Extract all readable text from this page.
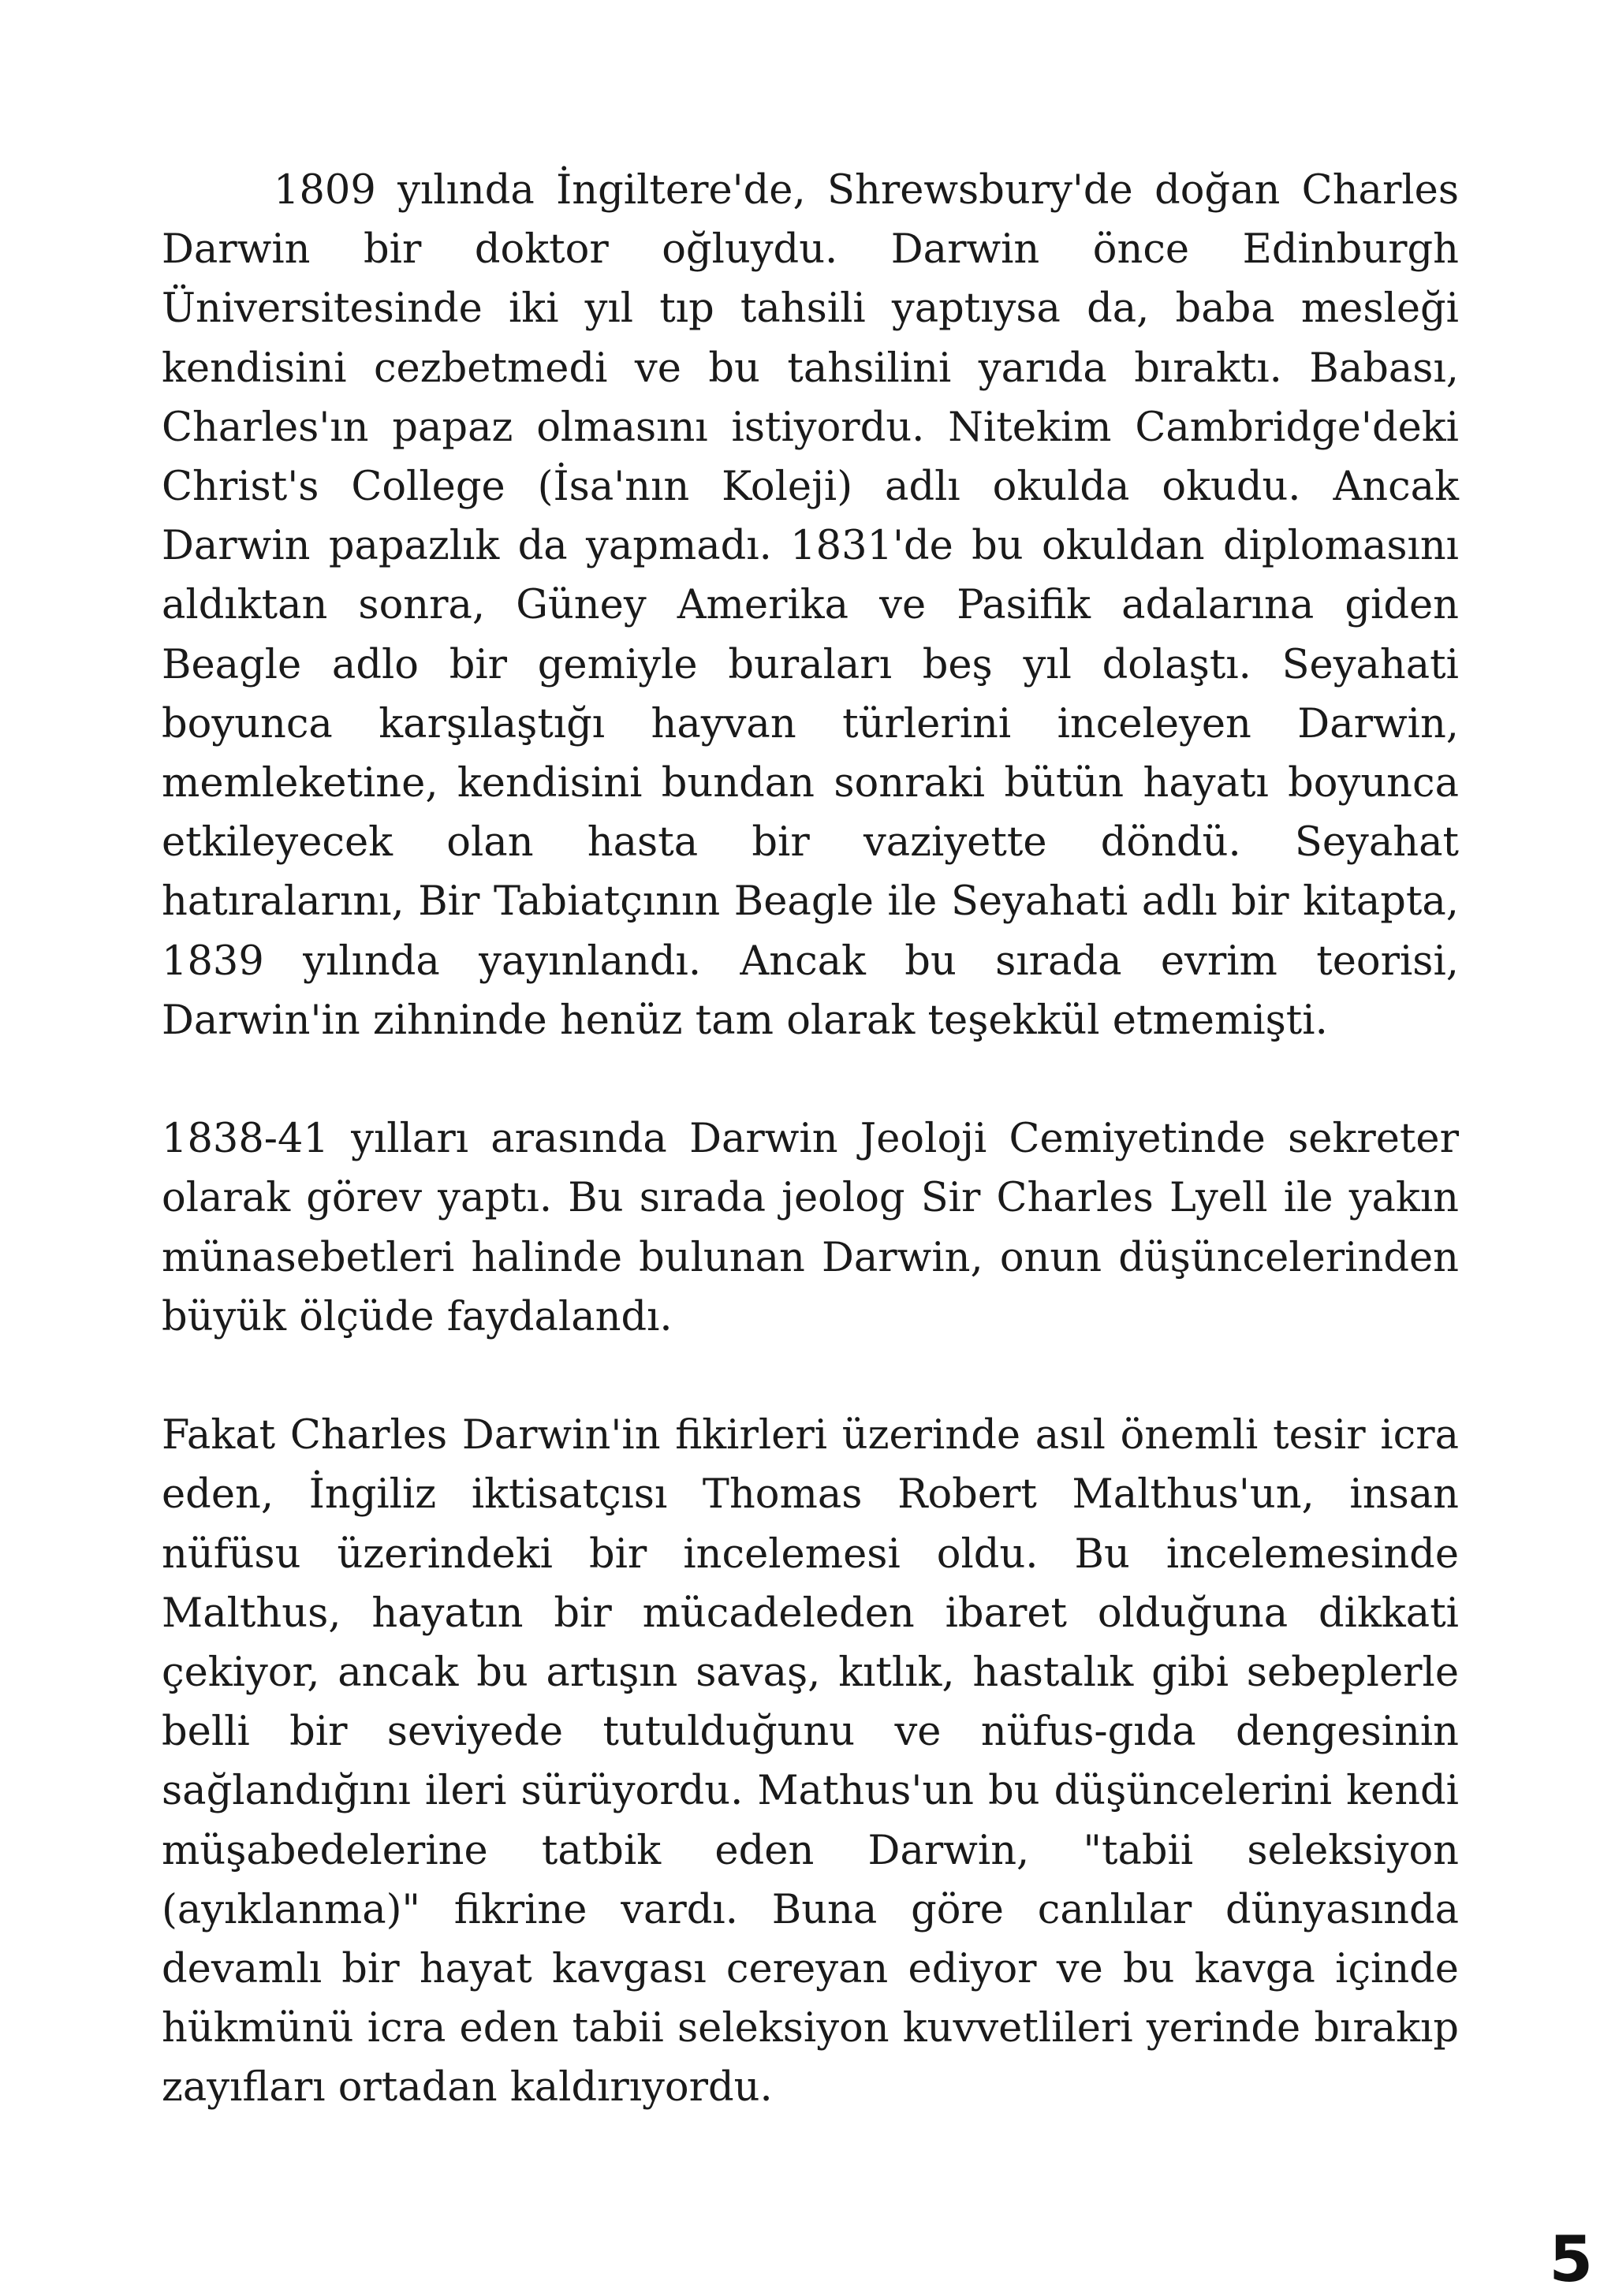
1809 yılında İngiltere'de, Shrewsbury'de doğan Charles Darwin bir doktor oğluydu. Darwin önce Edinburgh Üniversitesinde iki yıl tıp tahsili yaptıysa da, baba mesleği kendisini cezbetmedi ve bu tahsilini yarıda bıraktı. Babası, Charles'ın papaz olmasını istiyordu. Nitekim Cambridge'deki Christ's College (İsa'nın Koleji) adlı okulda okudu. Ancak Darwin papazlık da yapmadı. 1831'de bu okuldan diplomasını aldıktan sonra, Güney Amerika ve Pasifik adalarına giden Beagle adlo bir gemiyle buraları beş yıl dolaştı. Seyahati boyunca karşılaştığı hayvan türlerini inceleyen Darwin, memleketine, kendisini bundan sonraki bütün hayatı boyunca etkileyecek olan hasta bir vaziyette döndü. Seyahat hatıralarını, Bir Tabiatçının Beagle ile Seyahati adlı bir kitapta, 1839 yılında yayınlandı. Ancak bu sırada evrim teorisi, Darwin'in zihninde henüz tam olarak teşekkül etmemişti.

1838-41 yılları arasında Darwin Jeoloji Cemiyetinde sekreter olarak görev yaptı. Bu sırada jeolog Sir Charles Lyell ile yakın münasebetleri halinde bulunan Darwin, onun düşüncelerinden büyük ölçüde faydalandı.

Fakat Charles Darwin'in fikirleri üzerinde asıl önemli tesir icra eden, İngiliz iktisatçısı Thomas Robert Malthus'un, insan nüfüsu üzerindeki bir incelemesi oldu. Bu incelemesinde Malthus, hayatın bir mücadeleden ibaret olduğuna dikkati çekiyor, ancak bu artışın savaş, kıtlık, hastalık gibi sebeplerle belli bir seviyede tutulduğunu ve nüfus-gıda dengesinin sağlandığını ileri sürüyordu. Mathus'un bu düşüncelerini kendi müşabedelerine tatbik eden Darwin, "tabii seleksiyon (ayıklanma)" fikrine vardı. Buna göre canlılar dünyasında devamlı bir hayat kavgası cereyan ediyor ve bu kavga içinde hükmünü icra eden tabii seleksiyon kuvvetlileri yerinde bırakıp zayıfları ortadan kaldırıyordu.

5
